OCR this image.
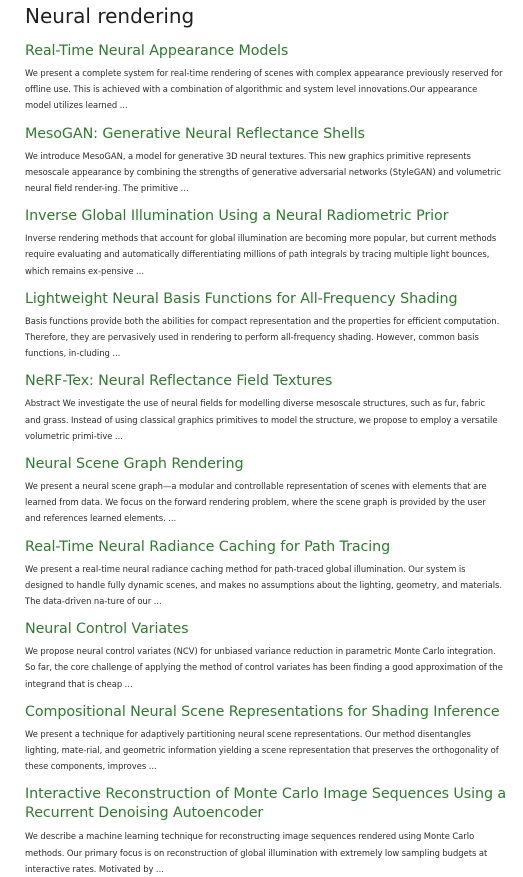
Neural rendering
Real-Time Neural Appearance Models

We present a complete system for real-time rendering of scenes with complex appearance previously reserved for offline use. This is achieved with a combination of algorithmic and system level innovations.Our appearance model utilizes learned ...

MesoGAN: Generative Neural Reflectance Shells

We introduce MesoGAN, a model for generative 3D neural textures. This new graphics primitive represents mesoscale appearance by combining the strengths of generative adversarial networks (StyleGAN) and volumetric neural field render-ing. The primitive ...

Inverse Global Illumination Using a Neural Radiometric Prior

Inverse rendering methods that account for global illumination are becoming more popular, but current methods require evaluating and automatically differentiating millions of path integrals by tracing multiple light bounces, which remains ex-pensive ...

Lightweight Neural Basis Functions for All-Frequency Shading

Basis functions provide both the abilities for compact representation and the properties for efficient computation. Therefore, they are pervasively used in rendering to perform all-frequency shading. However, common basis functions, in-cluding ...

NeRF-Tex: Neural Reflectance Field Textures

Abstract We investigate the use of neural fields for modelling diverse mesoscale structures, such as fur, fabric and grass. Instead of using classical graphics primitives to model the structure, we propose to employ a versatile volumetric primi-tive ...

Neural Scene Graph Rendering

We present a neural scene graph—a modular and controllable representation of scenes with elements that are learned from data. We focus on the forward rendering problem, where the scene graph is provided by the user and references learned elements. ...

Real-Time Neural Radiance Caching for Path Tracing

We present a real-time neural radiance caching method for path-traced global illumination. Our system is designed to handle fully dynamic scenes, and makes no assumptions about the lighting, geometry, and materials. The data-driven na-ture of our ...

Neural Control Variates

We propose neural control variates (NCV) for unbiased variance reduction in parametric Monte Carlo integration. So far, the core challenge of applying the method of control variates has been finding a good approximation of the integrand that is cheap ...

Compositional Neural Scene Representations for Shading Inference

We present a technique for adaptively partitioning neural scene representations. Our method disentangles lighting, mate-rial, and geometric information yielding a scene representation that preserves the orthogonality of these components, improves ...

Interactive Reconstruction of Monte Carlo Image Sequences Using a Recurrent Denoising Autoencoder

We describe a machine learning technique for reconstructing image sequences rendered using Monte Carlo methods. Our primary focus is on reconstruction of global illumination with extremely low sampling budgets at interactive rates. Motivated by ...
